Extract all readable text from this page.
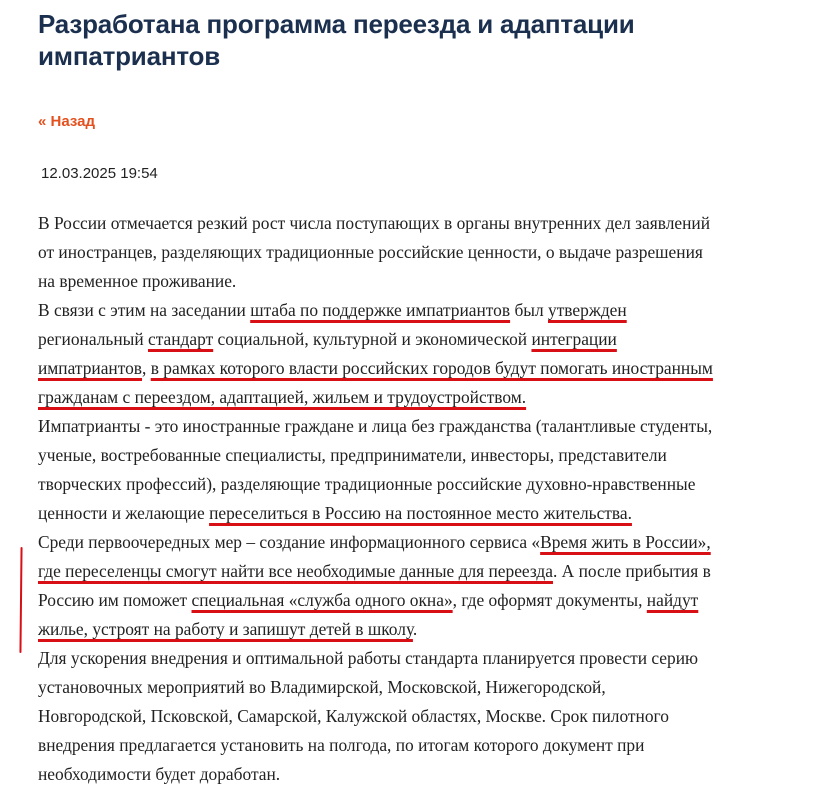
Разработана программа переезда и адаптации импатриантов
« Назад
12.03.2025 19:54

В России отмечается резкий рост числа поступающих в органы внутренних дел заявлений от иностранцев, разделяющих традиционные российские ценности, о выдаче разрешения на временное проживание.

В связи с этим на заседании штаба по поддержке импатриантов был утвержден региональный стандарт социальной, культурной и экономической интеграции импатриантов, в рамках которого власти российских городов будут помогать иностранным гражданам с переездом, адаптацией, жильем и трудоустройством.

Импатрианты - это иностранные граждане и лица без гражданства (талантливые студенты, ученые, востребованные специалисты, предприниматели, инвесторы, представители творческих профессий), разделяющие традиционные российские духовно-нравственные ценности и желающие переселиться в Россию на постоянное место жительства.

Среди первоочередных мер – создание информационного сервиса «Время жить в России», где переселенцы смогут найти все необходимые данные для переезда. А после прибытия в Россию им поможет специальная «служба одного окна», где оформят документы, найдут жилье, устроят на работу и запишут детей в школу.

Для ускорения внедрения и оптимальной работы стандарта планируется провести серию установочных мероприятий во Владимирской, Московской, Нижегородской, Новгородской, Псковской, Самарской, Калужской областях, Москве. Срок пилотного внедрения предлагается установить на полгода, по итогам которого документ при необходимости будет доработан.
